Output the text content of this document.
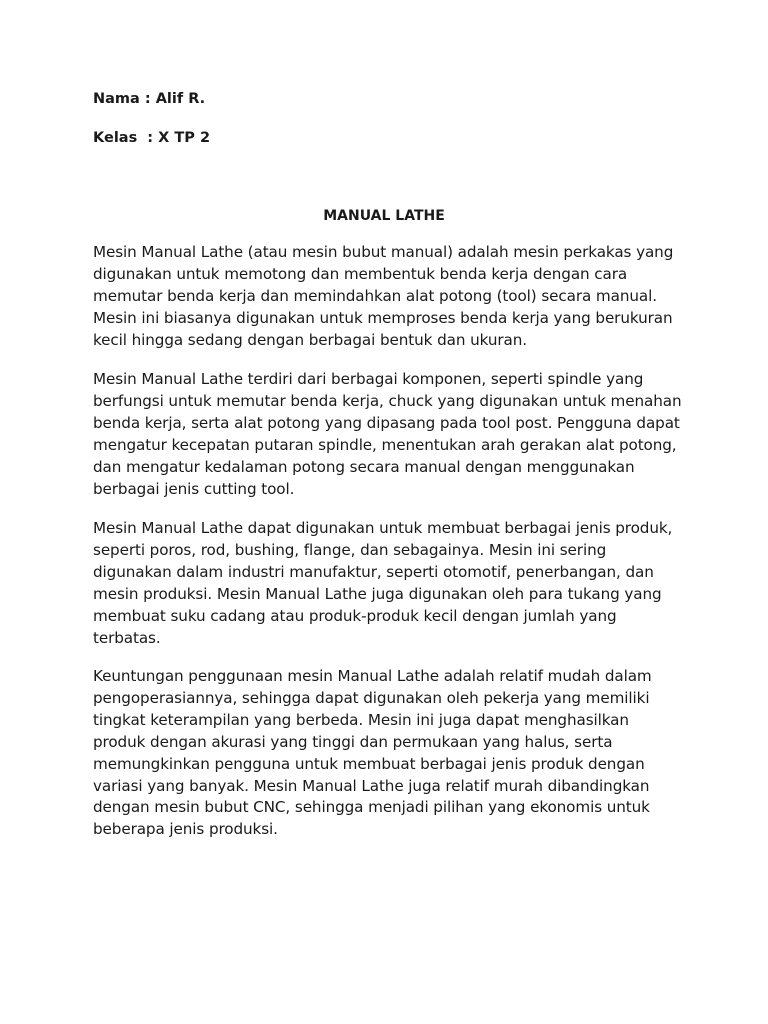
Nama : Alif R.
Kelas  : X TP 2
MANUAL LATHE

Mesin Manual Lathe (atau mesin bubut manual) adalah mesin perkakas yang digunakan untuk memotong dan membentuk benda kerja dengan cara memutar benda kerja dan memindahkan alat potong (tool) secara manual. Mesin ini biasanya digunakan untuk memproses benda kerja yang berukuran kecil hingga sedang dengan berbagai bentuk dan ukuran.

Mesin Manual Lathe terdiri dari berbagai komponen, seperti spindle yang berfungsi untuk memutar benda kerja, chuck yang digunakan untuk menahan benda kerja, serta alat potong yang dipasang pada tool post. Pengguna dapat mengatur kecepatan putaran spindle, menentukan arah gerakan alat potong, dan mengatur kedalaman potong secara manual dengan menggunakan berbagai jenis cutting tool.

Mesin Manual Lathe dapat digunakan untuk membuat berbagai jenis produk, seperti poros, rod, bushing, flange, dan sebagainya. Mesin ini sering digunakan dalam industri manufaktur, seperti otomotif, penerbangan, dan mesin produksi. Mesin Manual Lathe juga digunakan oleh para tukang yang membuat suku cadang atau produk-produk kecil dengan jumlah yang terbatas.

Keuntungan penggunaan mesin Manual Lathe adalah relatif mudah dalam pengoperasiannya, sehingga dapat digunakan oleh pekerja yang memiliki tingkat keterampilan yang berbeda. Mesin ini juga dapat menghasilkan produk dengan akurasi yang tinggi dan permukaan yang halus, serta memungkinkan pengguna untuk membuat berbagai jenis produk dengan variasi yang banyak. Mesin Manual Lathe juga relatif murah dibandingkan dengan mesin bubut CNC, sehingga menjadi pilihan yang ekonomis untuk beberapa jenis produksi.
